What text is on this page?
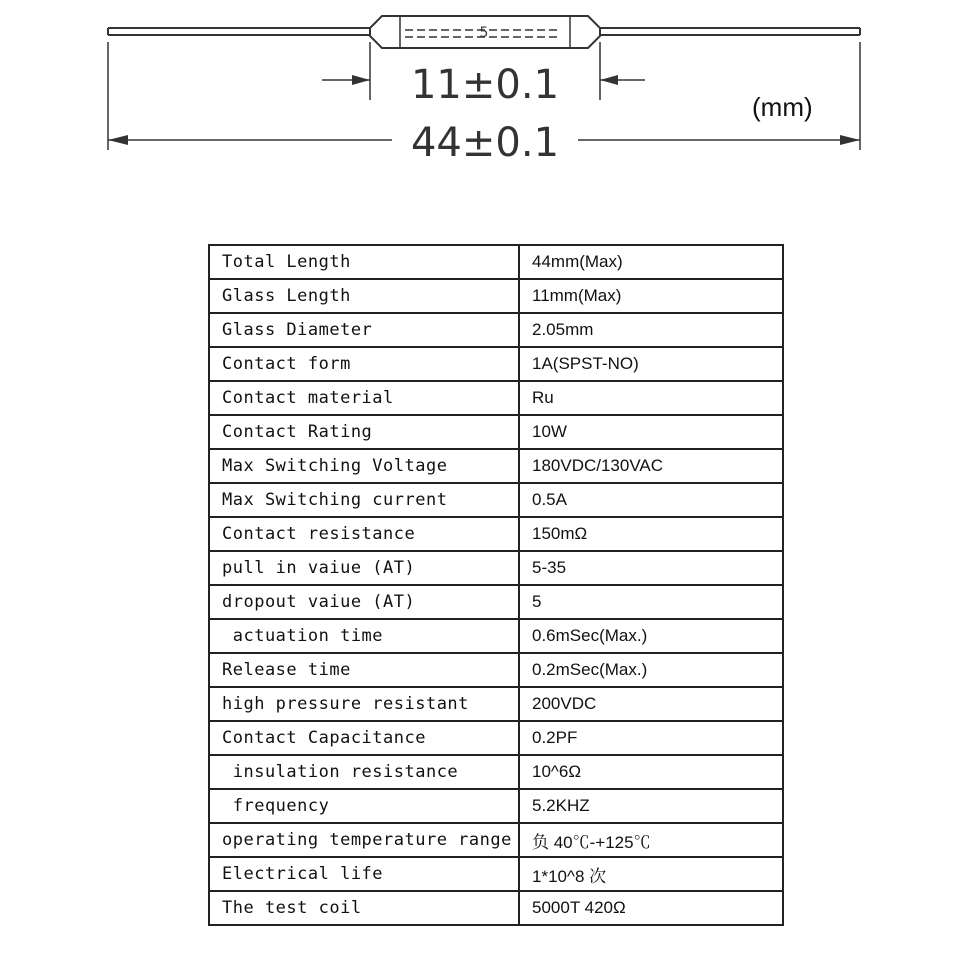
5
11±0.1
44±0.1
(mm)
Total Length	44mm(Max)
Glass Length	11mm(Max)
Glass Diameter	2.05mm
Contact form	1A(SPST-NO)
Contact material	Ru
Contact Rating	10W
Max Switching Voltage	180VDC/130VAC
Max Switching current	0.5A
Contact resistance	150mΩ
pull in vaiue (AT)	5-35
dropout vaiue (AT)	5
actuation time	0.6mSec(Max.)
Release time	0.2mSec(Max.)
high pressure resistant	200VDC
Contact Capacitance	0.2PF
insulation resistance	10^6Ω
frequency	5.2KHZ
operating temperature range	负 40℃-+125℃
Electrical life	1*10^8 次
The test coil	5000T 420Ω
